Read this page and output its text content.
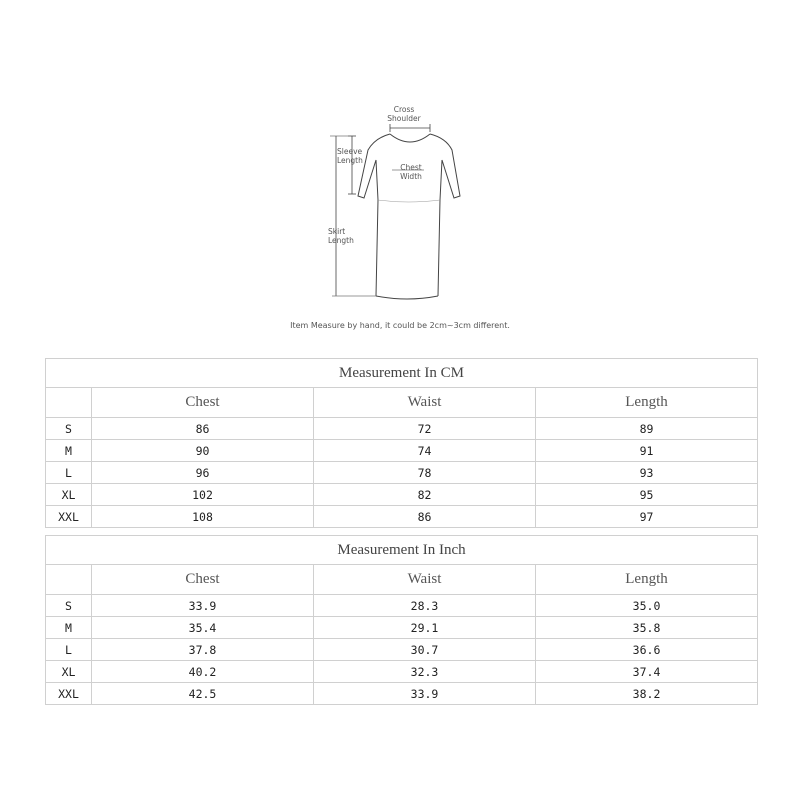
Cross
Shoulder
Sleeve
Length
Chest
Width
Skirt
Length
Item Measure by hand, it could be 2cm~3cm different.
Measurement In CM			
	Chest	Waist	Length
S	86	72	89
M	90	74	91
L	96	78	93
XL	102	82	95
XXL	108	86	97
Measurement In Inch			
	Chest	Waist	Length
S	33.9	28.3	35.0
M	35.4	29.1	35.8
L	37.8	30.7	36.6
XL	40.2	32.3	37.4
XXL	42.5	33.9	38.2
